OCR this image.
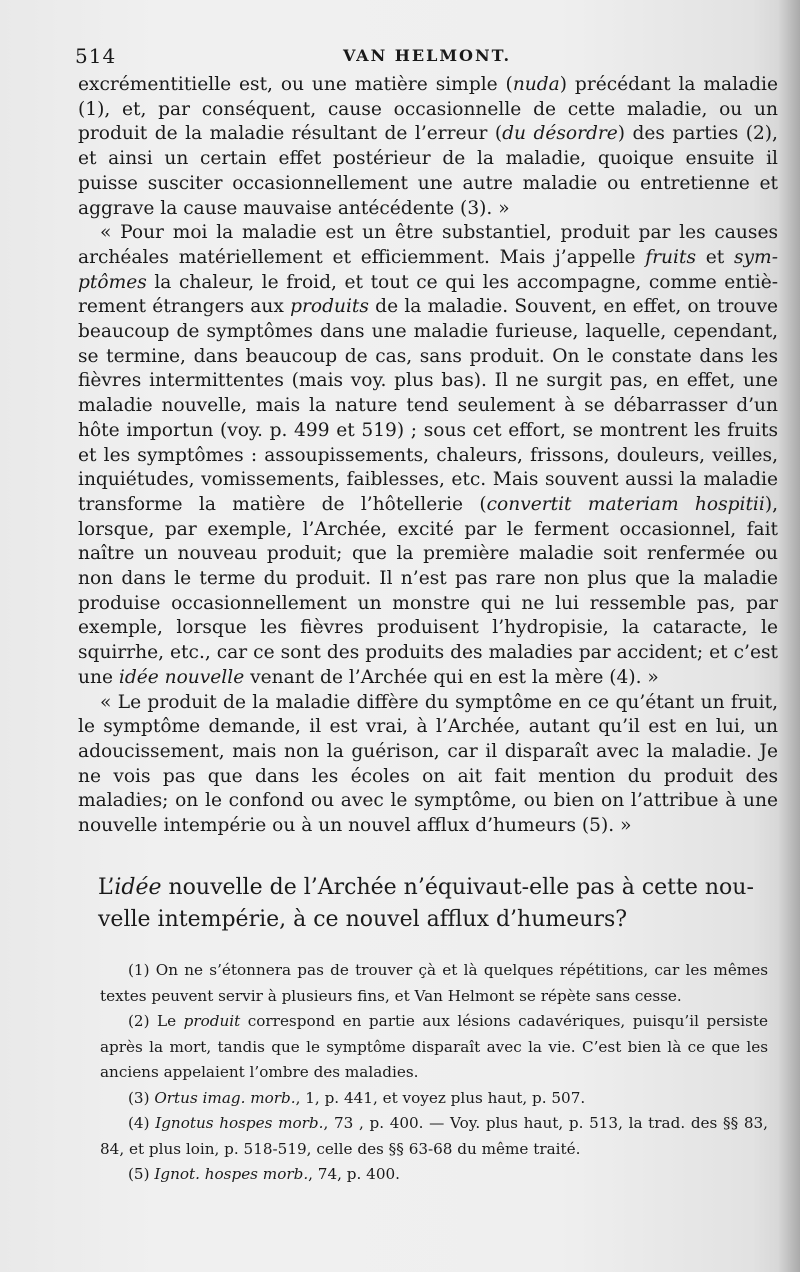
514	VAN HELMONT.

excrémentitielle est, ou une matière simple (nuda) précédant la maladie (1), et, par conséquent, cause occasionnelle de cette maladie, ou un produit de la maladie résultant de l’erreur (du désordre) des parties (2), et ainsi un certain effet postérieur de la maladie, quoique ensuite il puisse susciter occasionnellement une autre maladie ou entretienne et aggrave la cause mauvaise antécédente (3). »

« Pour moi la maladie est un être substantiel, produit par les causes archéales matériellement et efficiemment. Mais j’appelle fruits et symptômes la chaleur, le froid, et tout ce qui les accompagne, comme entièrement étrangers aux produits de la maladie. Souvent, en effet, on trouve beaucoup de symptômes dans une maladie furieuse, laquelle, cependant, se termine, dans beaucoup de cas, sans produit. On le constate dans les fièvres intermittentes (mais voy. plus bas). Il ne surgit pas, en effet, une maladie nouvelle, mais la nature tend seulement à se débarrasser d’un hôte importun (voy. p. 499 et 519) ; sous cet effort, se montrent les fruits et les symptômes : assoupissements, chaleurs, frissons, douleurs, veilles, inquiétudes, vomissements, faiblesses, etc. Mais souvent aussi la maladie transforme la matière de l’hôtellerie (convertit materiam hospitii), lorsque, par exemple, l’Archée, excité par le ferment occasionnel, fait naître un nouveau produit; que la première maladie soit renfermée ou non dans le terme du produit. Il n’est pas rare non plus que la maladie produise occasionnellement un monstre qui ne lui ressemble pas, par exemple, lorsque les fièvres produisent l’hydropisie, la cataracte, le squirrhe, etc., car ce sont des produits des maladies par accident; et c’est une idée nouvelle venant de l’Archée qui en est la mère (4). »

« Le produit de la maladie diffère du symptôme en ce qu’étant un fruit, le symptôme demande, il est vrai, à l’Archée, autant qu’il est en lui, un adoucissement, mais non la guérison, car il disparaît avec la maladie. Je ne vois pas que dans les écoles on ait fait mention du produit des maladies; on le confond ou avec le symptôme, ou bien on l’attribue à une nouvelle intempérie ou à un nouvel afflux d’humeurs (5). »

L’idée nouvelle de l’Archée n’équivaut-elle pas à cette nouvelle intempérie, à ce nouvel afflux d’humeurs?

(1) On ne s’étonnera pas de trouver çà et là quelques répétitions, car les mêmes textes peuvent servir à plusieurs fins, et Van Helmont se répète sans cesse.

(2) Le produit correspond en partie aux lésions cadavériques, puisqu’il persiste après la mort, tandis que le symptôme disparaît avec la vie. C’est bien là ce que les anciens appelaient l’ombre des maladies.

(3) Ortus imag. morb., 1, p. 441, et voyez plus haut, p. 507.

(4) Ignotus hospes morb., 73 , p. 400. — Voy. plus haut, p. 513, la trad. des §§ 83, 84, et plus loin, p. 518-519, celle des §§ 63-68 du même traité.

(5) Ignot. hospes morb., 74, p. 400.
